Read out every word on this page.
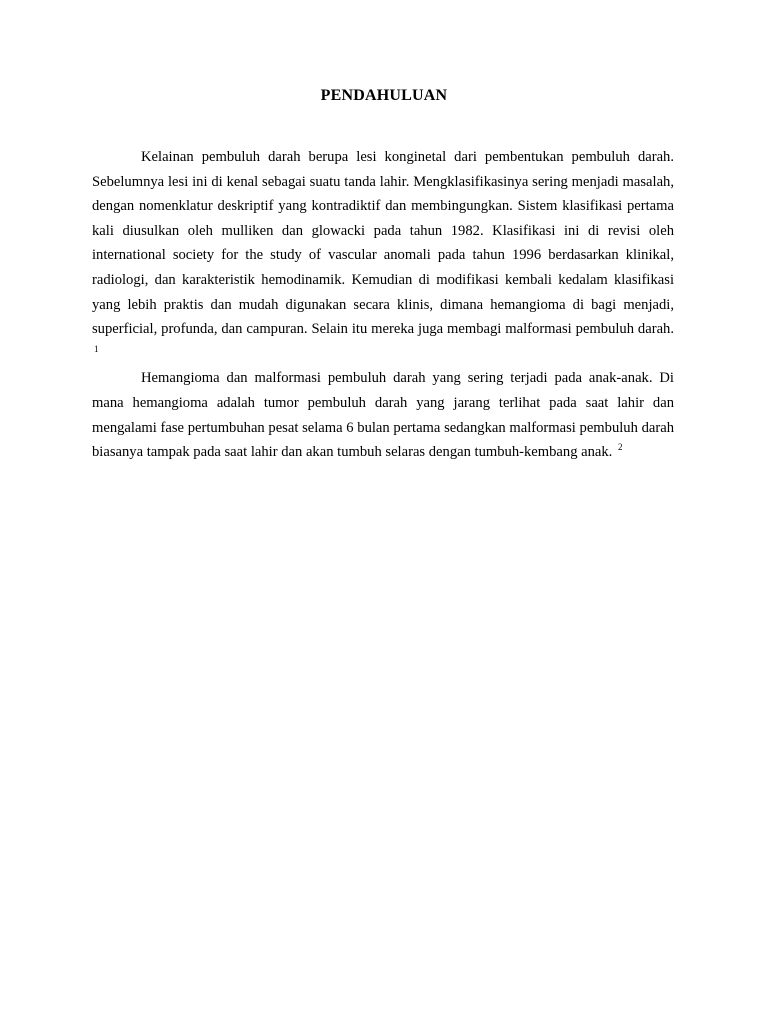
PENDAHULUAN

Kelainan pembuluh darah berupa lesi konginetal dari pembentukan pembuluh darah. Sebelumnya lesi ini di kenal sebagai suatu tanda lahir. Mengklasifikasinya sering menjadi masalah, dengan nomenklatur deskriptif yang kontradiktif dan membingungkan. Sistem klasifikasi pertama kali diusulkan oleh mulliken dan glowacki pada tahun 1982. Klasifikasi ini di revisi oleh international society for the study of vascular anomali pada tahun 1996 berdasarkan klinikal, radiologi, dan karakteristik hemodinamik. Kemudian di modifikasi kembali kedalam klasifikasi yang lebih praktis dan mudah digunakan secara klinis, dimana hemangioma di bagi menjadi, superficial, profunda, dan campuran. Selain itu mereka juga membagi malformasi pembuluh darah. $^1$

Hemangioma dan malformasi pembuluh darah yang sering terjadi pada anak-anak. Di mana hemangioma adalah tumor pembuluh darah yang jarang terlihat pada saat lahir dan mengalami fase pertumbuhan pesat selama 6 bulan pertama sedangkan malformasi pembuluh darah biasanya tampak pada saat lahir dan akan tumbuh selaras dengan tumbuh-kembang anak. $^2$
